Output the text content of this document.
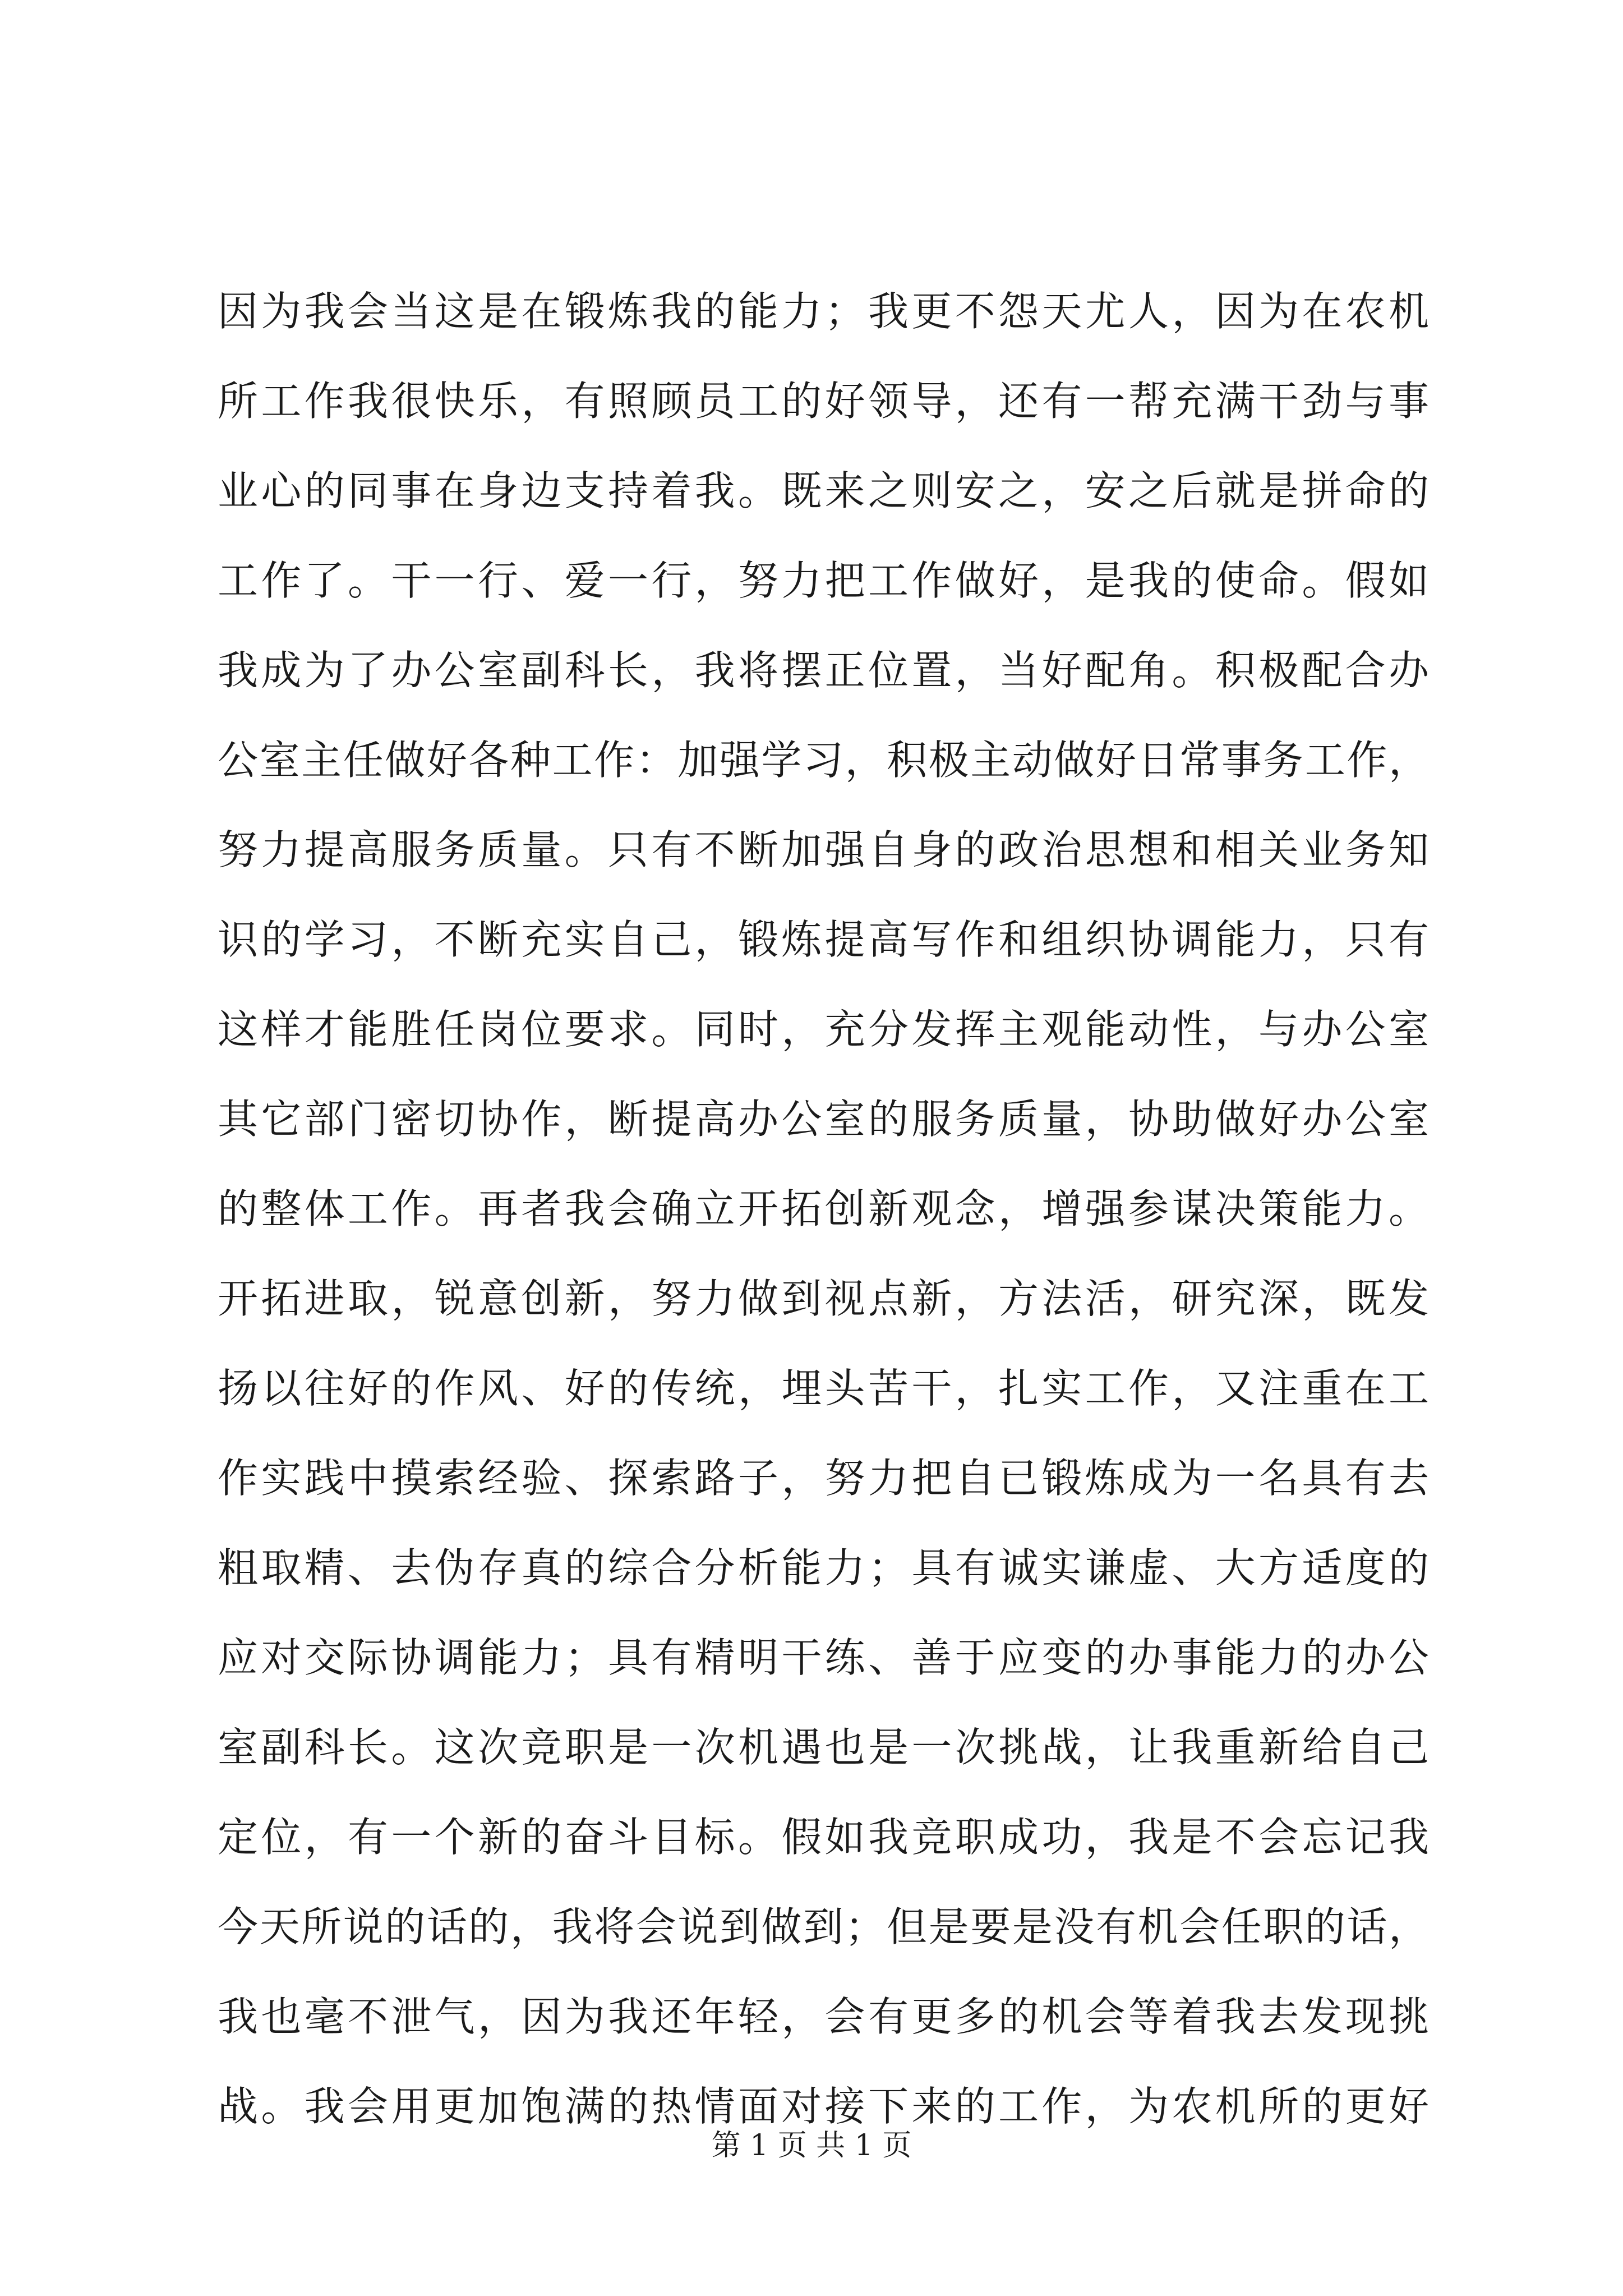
因为我会当这是在锻炼我的能力；我更不怨天尤人，因为在农机
所工作我很快乐，有照顾员工的好领导，还有一帮充满干劲与事
业心的同事在身边支持着我。既来之则安之，安之后就是拼命的
工作了。干一行、爱一行，努力把工作做好，是我的使命。假如
我成为了办公室副科长，我将摆正位置，当好配角。积极配合办
公室主任做好各种工作：加强学习，积极主动做好日常事务工作，
努力提高服务质量。只有不断加强自身的政治思想和相关业务知
识的学习，不断充实自己，锻炼提高写作和组织协调能力，只有
这样才能胜任岗位要求。同时，充分发挥主观能动性，与办公室
其它部门密切协作，断提高办公室的服务质量，协助做好办公室
的整体工作。再者我会确立开拓创新观念，增强参谋决策能力。
开拓进取，锐意创新，努力做到视点新，方法活，研究深，既发
扬以往好的作风、好的传统，埋头苦干，扎实工作，又注重在工
作实践中摸索经验、探索路子，努力把自已锻炼成为一名具有去
粗取精、去伪存真的综合分析能力；具有诚实谦虚、大方适度的
应对交际协调能力；具有精明干练、善于应变的办事能力的办公
室副科长。这次竞职是一次机遇也是一次挑战，让我重新给自己
定位，有一个新的奋斗目标。假如我竞职成功，我是不会忘记我
今天所说的话的，我将会说到做到；但是要是没有机会任职的话，
我也毫不泄气，因为我还年轻，会有更多的机会等着我去发现挑
战。我会用更加饱满的热情面对接下来的工作，为农机所的更好
第 1 页 共 1 页
